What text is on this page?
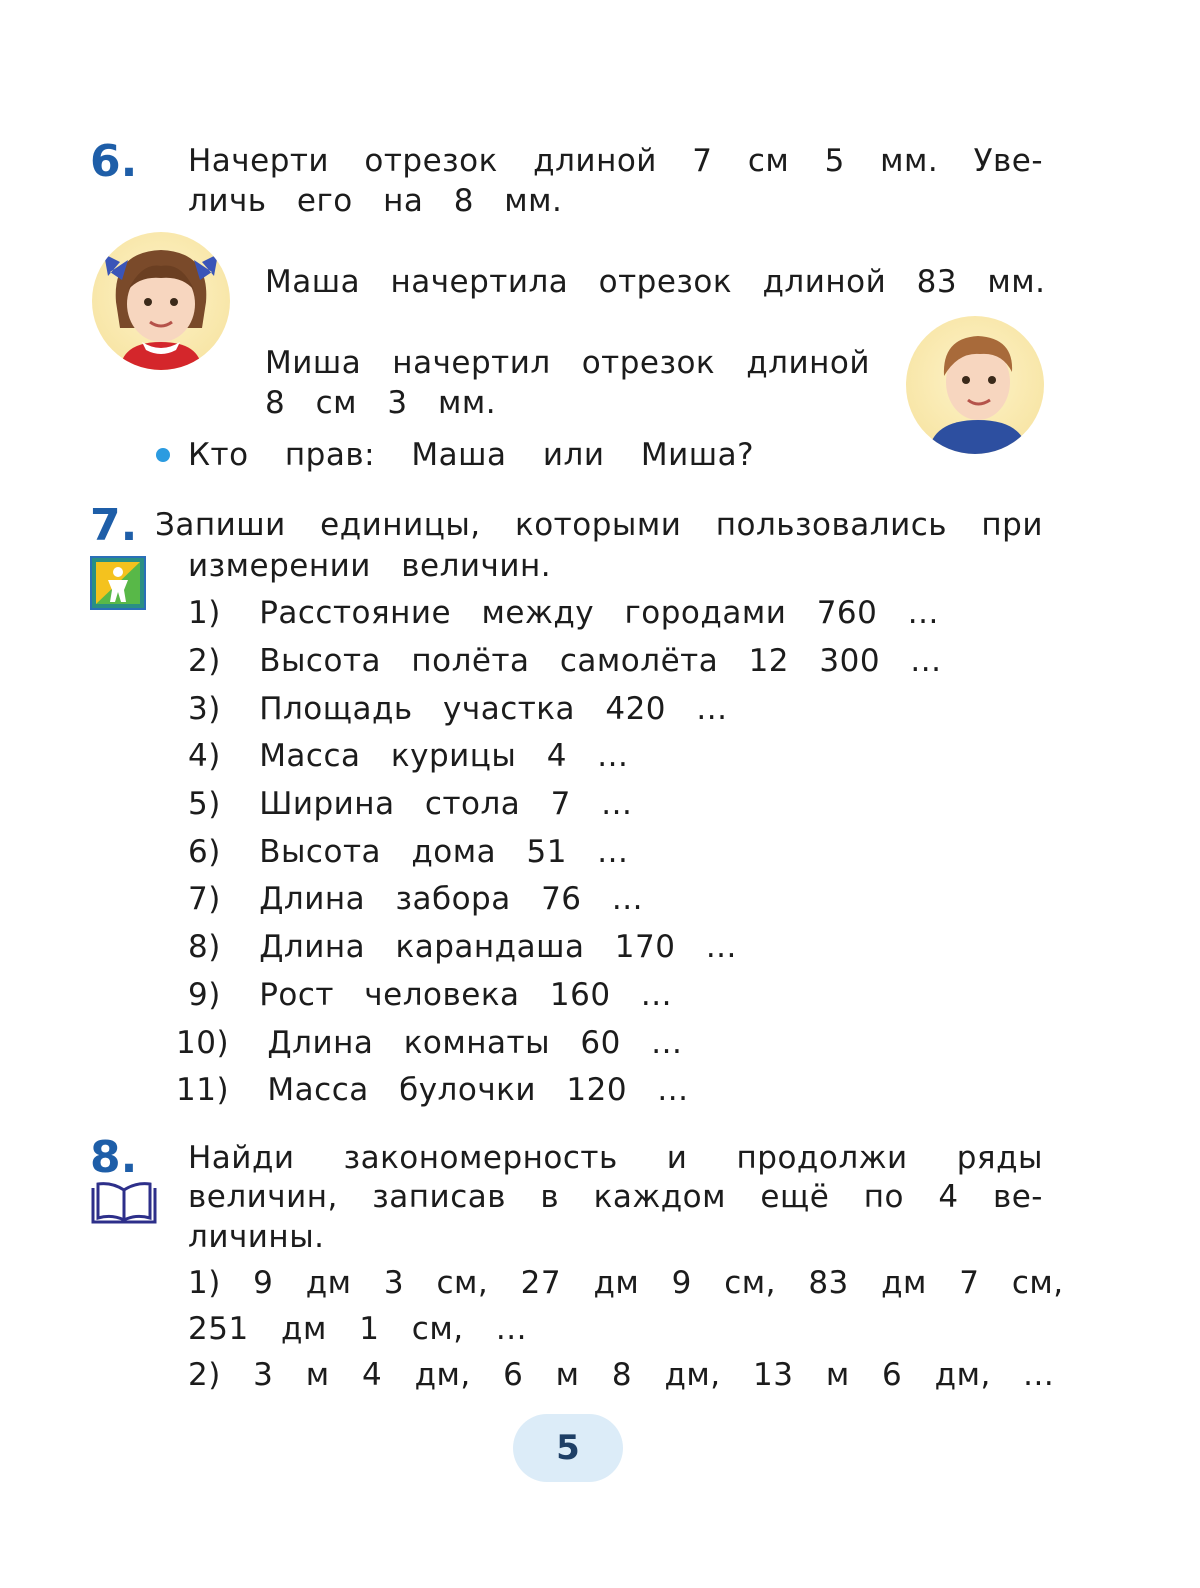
6. Начерти отрезок длиной 7 см 5 мм. Уве-
личь его на 8 мм.
Маша начертила отрезок длиной 83 мм.
Миша начертил отрезок длиной
8 см 3 мм.
Кто прав: Маша или Миша?
7. Запиши единицы, которыми пользовались при
измерении величин.
1) Расстояние между городами 760 ...
2) Высота полёта самолёта 12 300 ...
3) Площадь участка 420 ...
4) Масса курицы 4 ...
5) Ширина стола 7 ...
6) Высота дома 51 ...
7) Длина забора 76 ...
8) Длина карандаша 170 ...
9) Рост человека 160 ...
10) Длина комнаты 60 ...
11) Масса булочки 120 ...
8. Найди закономерность и продолжи ряды
величин, записав в каждом ещё по 4 ве-
личины.
1) 9 дм 3 см, 27 дм 9 см, 83 дм 7 см,
251 дм 1 см, ...
2) 3 м 4 дм, 6 м 8 дм, 13 м 6 дм, ...
5
